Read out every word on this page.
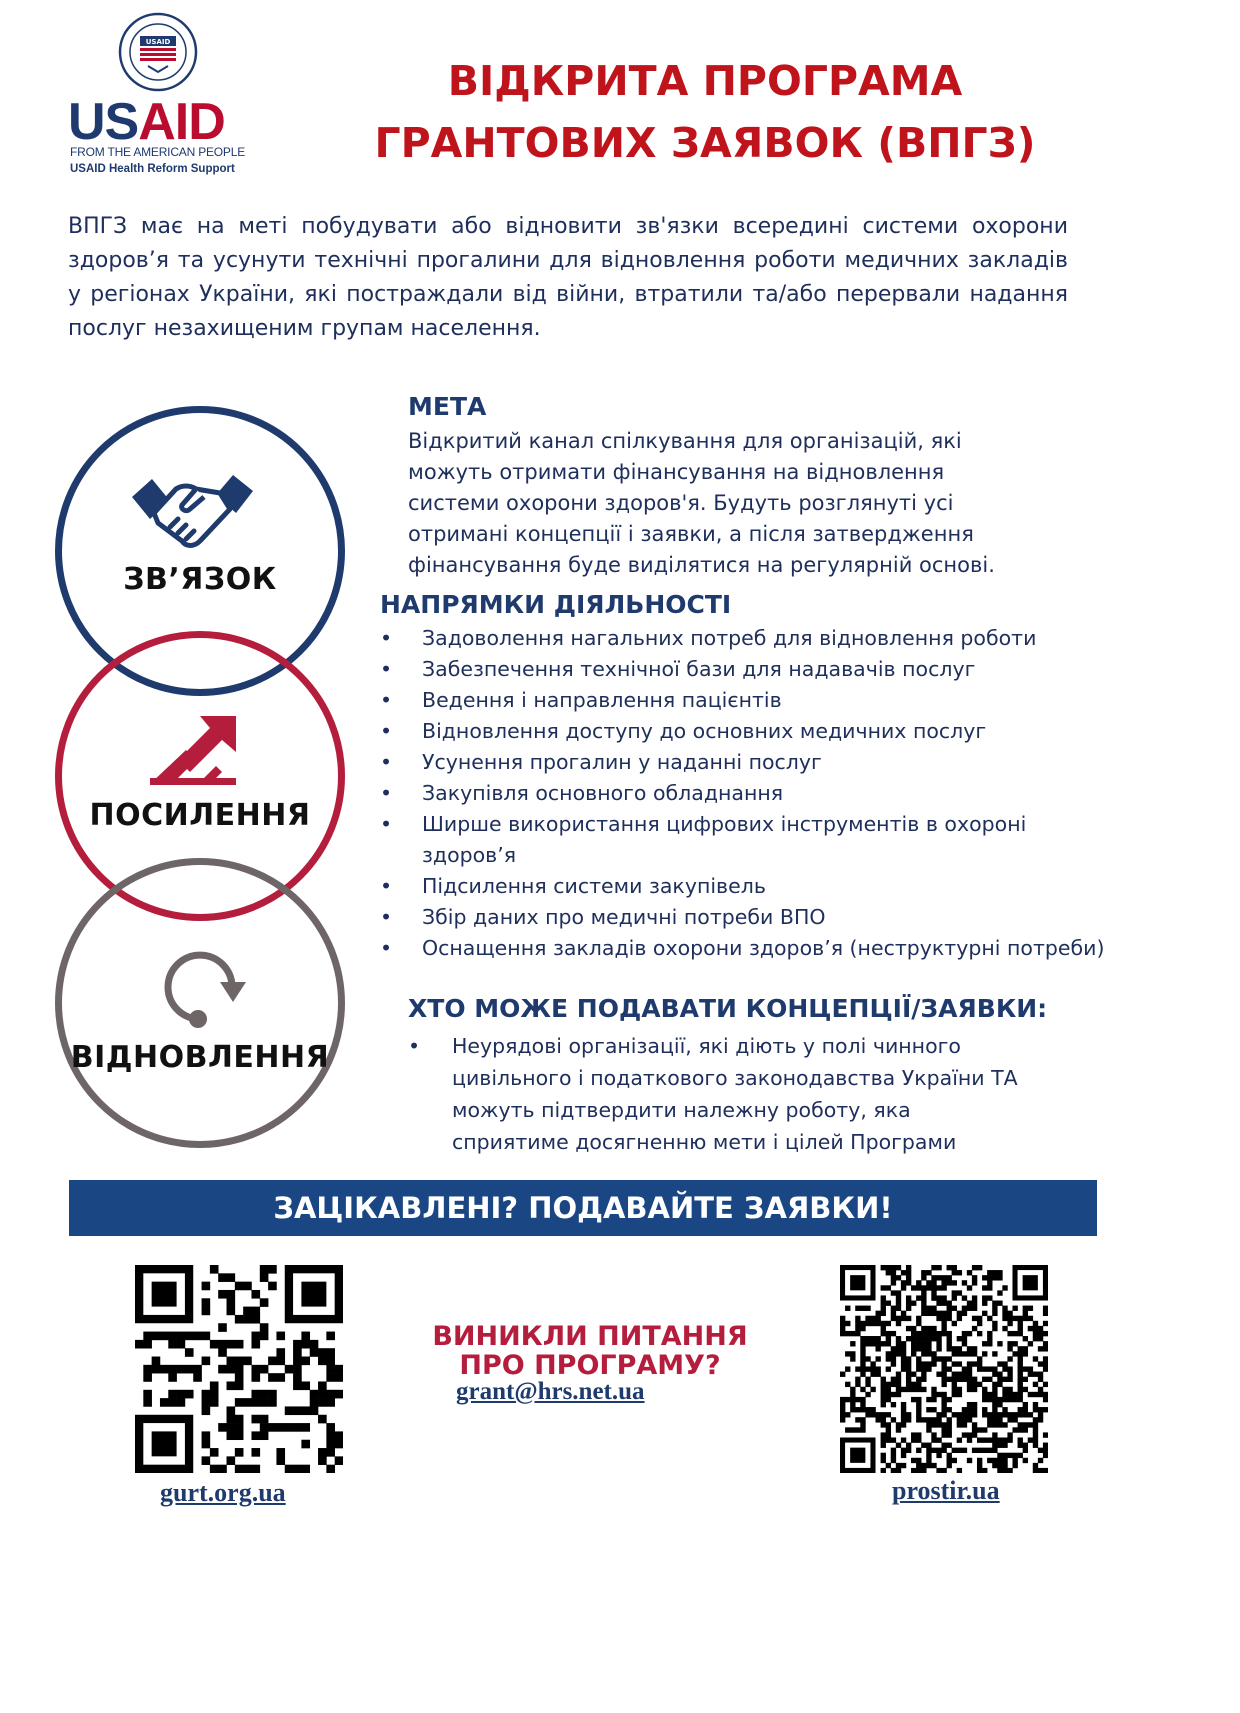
USAID
USAID
FROM THE AMERICAN PEOPLE
USAID Health Reform Support
ВІДКРИТА ПРОГРАМА
ГРАНТОВИХ ЗАЯВОК (ВПГЗ)
ВПГЗ має на меті побудувати або відновити зв'язки всередині системи охорони здоров’я та усунути технічні прогалини для відновлення роботи медичних закладів у регіонах України, які постраждали від війни, втратили та/або перервали надання послуг незахищеним групам населення.
ЗВ’ЯЗОК
ПОСИЛЕННЯ
ВІДНОВЛЕННЯ
МЕТА
Відкритий канал спілкування для організацій, які можуть отримати фінансування на відновлення системи охорони здоров'я. Будуть розглянуті усі отримані концепції і заявки, а після затвердження фінансування буде виділятися на регулярній основі.
НАПРЯМКИ ДІЯЛЬНОСТІ
• Задоволення нагальних потреб для відновлення роботи
• Забезпечення технічної бази для надавачів послуг
• Ведення і направлення пацієнтів
• Відновлення доступу до основних медичних послуг
• Усунення прогалин у наданні послуг
• Закупівля основного обладнання
• Ширше використання цифрових інструментів в охороні здоров’я
• Підсилення системи закупівель
• Збір даних про медичні потреби ВПО
• Оснащення закладів охорони здоров’я (неструктурні потреби)
ХТО МОЖЕ ПОДАВАТИ КОНЦЕПЦІЇ/ЗАЯВКИ:
• Неурядові організації, які діють у полі чинного цивільного і податкового законодавства України ТА можуть підтвердити належну роботу, яка сприятиме досягненню мети і цілей Програми
ЗАЦІКАВЛЕНІ? ПОДАВАЙТЕ ЗАЯВКИ!
ВИНИКЛИ ПИТАННЯ
ПРО ПРОГРАМУ?
grant@hrs.net.ua
gurt.org.ua	prostir.ua
